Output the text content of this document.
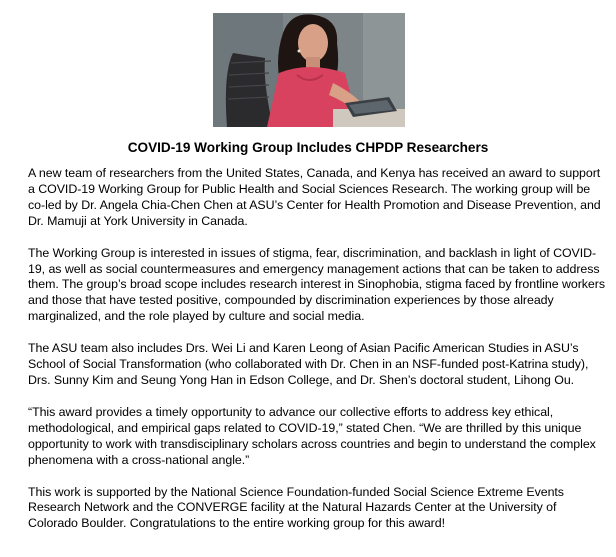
COVID-19 Working Group Includes CHPDP Researchers

A new team of researchers from the United States, Canada, and Kenya has received an award to support a COVID-19 Working Group for Public Health and Social Sciences Research. The working group will be co-led by Dr. Angela Chia-Chen Chen at ASU’s Center for Health Promotion and Disease Prevention, and Dr. Mamuji at York University in Canada.

The Working Group is interested in issues of stigma, fear, discrimination, and backlash in light of COVID-19, as well as social countermeasures and emergency management actions that can be taken to address them. The group’s broad scope includes research interest in Sinophobia, stigma faced by frontline workers and those that have tested positive, compounded by discrimination experiences by those already marginalized, and the role played by culture and social media.

The ASU team also includes Drs. Wei Li and Karen Leong of Asian Pacific American Studies in ASU’s School of Social Transformation (who collaborated with Dr. Chen in an NSF-funded post-Katrina study), Drs. Sunny Kim and Seung Yong Han in Edson College, and Dr. Shen’s doctoral student, Lihong Ou.

“This award provides a timely opportunity to advance our collective efforts to address key ethical, methodological, and empirical gaps related to COVID-19,” stated Chen. “We are thrilled by this unique opportunity to work with transdisciplinary scholars across countries and begin to understand the complex phenomena with a cross-national angle.”

This work is supported by the National Science Foundation-funded Social Science Extreme Events Research Network and the CONVERGE facility at the Natural Hazards Center at the University of Colorado Boulder. Congratulations to the entire working group for this award!
